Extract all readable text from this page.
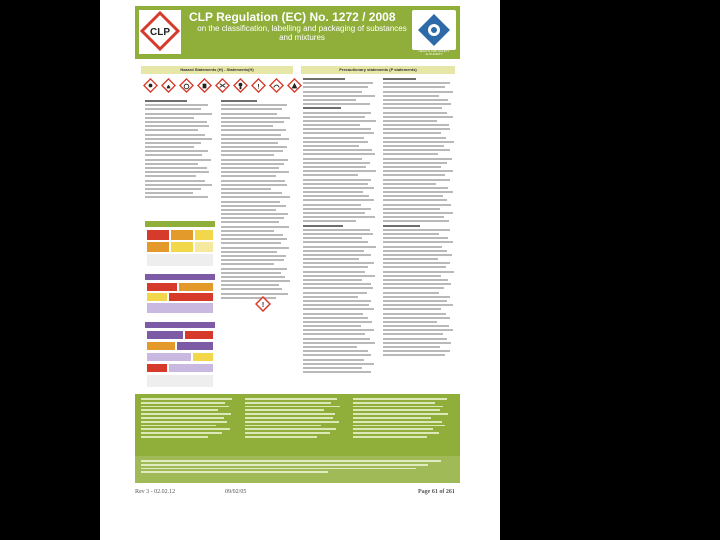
CLP
CLP Regulation (EC) No. 1272 / 2008
on the classification, labelling and packaging of substances and mixtures
HEALTH AND SAFETY AUTHORITY
Hazard Statements (H) - Statements(H)	Precautionary statements (P statements)
!
!
Rev 3 - 02.02.12	09/02/05	Page 61 of 261
